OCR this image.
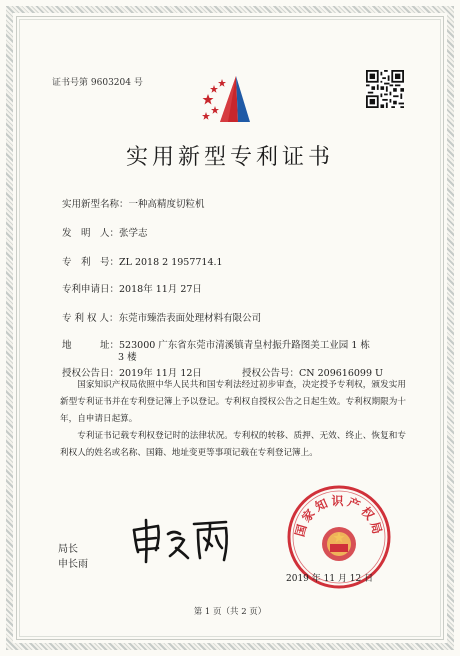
证书号第 9603204 号
实用新型专利证书
实用新型名称：一种高精度切粒机
发　明　人：张学志
专　利　号：ZL 2018 2 1957714.1
专利申请日：2018年 11月 27日
专 利 权 人：东莞市臻浩表面处理材料有限公司
地　　　址：523000 广东省东莞市清溪镇青皇村振升路图美工业园 1 栋
3 楼
授权公告日：2019年 11月 12日	授权公告号：CN 209616099 U
国家知识产权局依照中华人民共和国专利法经过初步审查，决定授予专利权，颁发实用新型专利证书并在专利登记簿上予以登记。专利权自授权公告之日起生效。专利权期限为十年，自申请日起算。
专利证书记载专利权登记时的法律状况。专利权的转移、质押、无效、终止、恢复和专利权人的姓名或名称、国籍、地址变更等事项记载在专利登记簿上。
局长
申长雨
国家知识产权局
2019 年 11 月 12 日
第 1 页（共 2 页）
